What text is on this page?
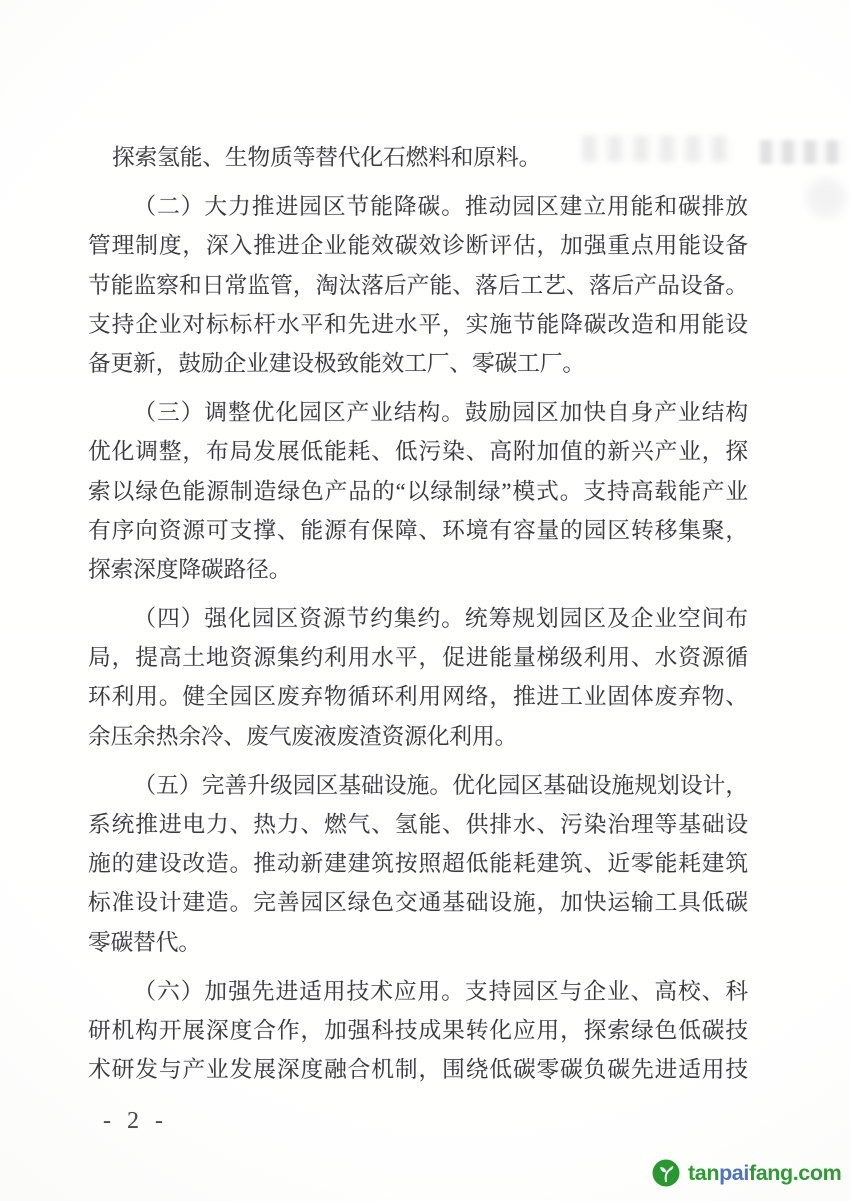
探索氢能、生物质等替代化石燃料和原料。

（二）大力推进园区节能降碳。推动园区建立用能和碳排放
管理制度，深入推进企业能效碳效诊断评估，加强重点用能设备
节能监察和日常监管，淘汰落后产能、落后工艺、落后产品设备。
支持企业对标标杆水平和先进水平，实施节能降碳改造和用能设
备更新，鼓励企业建设极致能效工厂、零碳工厂。

（三）调整优化园区产业结构。鼓励园区加快自身产业结构
优化调整，布局发展低能耗、低污染、高附加值的新兴产业，探
索以绿色能源制造绿色产品的“以绿制绿”模式。支持高载能产业
有序向资源可支撑、能源有保障、环境有容量的园区转移集聚，
探索深度降碳路径。

（四）强化园区资源节约集约。统筹规划园区及企业空间布
局，提高土地资源集约利用水平，促进能量梯级利用、水资源循
环利用。健全园区废弃物循环利用网络，推进工业固体废弃物、
余压余热余冷、废气废液废渣资源化利用。

（五）完善升级园区基础设施。优化园区基础设施规划设计，
系统推进电力、热力、燃气、氢能、供排水、污染治理等基础设
施的建设改造。推动新建建筑按照超低能耗建筑、近零能耗建筑
标准设计建造。完善园区绿色交通基础设施，加快运输工具低碳
零碳替代。

（六）加强先进适用技术应用。支持园区与企业、高校、科
研机构开展深度合作，加强科技成果转化应用，探索绿色低碳技
术研发与产业发展深度融合机制，围绕低碳零碳负碳先进适用技

- 2 -
tanpaifang.com
